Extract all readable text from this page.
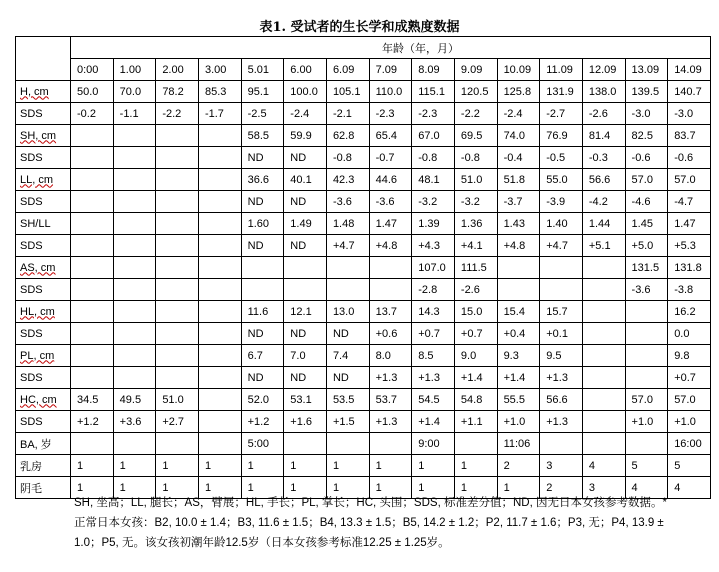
表1. 受试者的生长学和成熟度数据
	年龄（年，月）														
	0:00	1.00	2.00	3.00	5.01	6.00	6.09	7.09	8.09	9.09	10.09	11.09	12.09	13.09	14.09
H, cm	50.0	70.0	78.2	85.3	95.1	100.0	105.1	110.0	115.1	120.5	125.8	131.9	138.0	139.5	140.7
SDS	-0.2	-1.1	-2.2	-1.7	-2.5	-2.4	-2.1	-2.3	-2.3	-2.2	-2.4	-2.7	-2.6	-3.0	-3.0
SH, cm					58.5	59.9	62.8	65.4	67.0	69.5	74.0	76.9	81.4	82.5	83.7
SDS					ND	ND	-0.8	-0.7	-0.8	-0.8	-0.4	-0.5	-0.3	-0.6	-0.6
LL, cm					36.6	40.1	42.3	44.6	48.1	51.0	51.8	55.0	56.6	57.0	57.0
SDS					ND	ND	-3.6	-3.6	-3.2	-3.2	-3.7	-3.9	-4.2	-4.6	-4.7
SH/LL					1.60	1.49	1.48	1.47	1.39	1.36	1.43	1.40	1.44	1.45	1.47
SDS					ND	ND	+4.7	+4.8	+4.3	+4.1	+4.8	+4.7	+5.1	+5.0	+5.3
AS, cm									107.0	111.5				131.5	131.8
SDS									-2.8	-2.6				-3.6	-3.8
HL, cm					11.6	12.1	13.0	13.7	14.3	15.0	15.4	15.7			16.2
SDS					ND	ND	ND	+0.6	+0.7	+0.7	+0.4	+0.1			0.0
PL, cm					6.7	7.0	7.4	8.0	8.5	9.0	9.3	9.5			9.8
SDS					ND	ND	ND	+1.3	+1.3	+1.4	+1.4	+1.3			+0.7
HC, cm	34.5	49.5	51.0		52.0	53.1	53.5	53.7	54.5	54.8	55.5	56.6		57.0	57.0
SDS	+1.2	+3.6	+2.7		+1.2	+1.6	+1.5	+1.3	+1.4	+1.1	+1.0	+1.3		+1.0	+1.0
BA, 岁					5:00				9:00		11:06				16:00
乳房	1	1	1	1	1	1	1	1	1	1	2	3	4	5	5
阴毛	1	1	1	1	1	1	1	1	1	1	1	2	3	4	4
SH, 坐高；LL, 腿长；AS，臂展；HL, 手长；PL, 掌长；HC, 头围；SDS, 标准差分值；ND, 因无日本女孩参考数据。* 正常日本女孩：B2, 10.0 ± 1.4；B3, 11.6 ± 1.5；B4, 13.3 ± 1.5；B5, 14.2 ± 1.2；P2, 11.7 ± 1.6；P3, 无；P4, 13.9 ± 1.0；P5, 无。该女孩初潮年龄12.5岁（日本女孩参考标准12.25 ± 1.25岁。
